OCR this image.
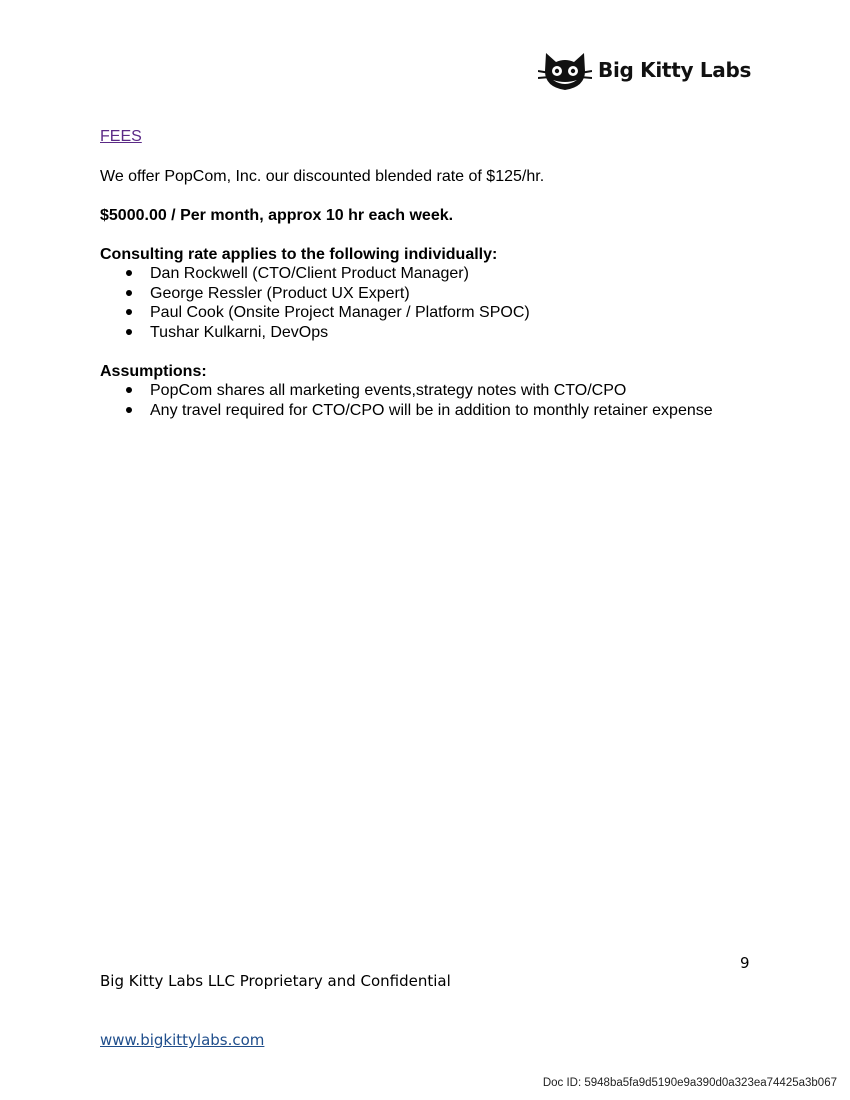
Big Kitty Labs
FEES
We offer PopCom, Inc. our discounted blended rate of $125/hr.
$5000.00 / Per month, approx 10 hr each week.
Consulting rate applies to the following individually:
Dan Rockwell (CTO/Client Product Manager)
George Ressler (Product UX Expert)
Paul Cook (Onsite Project Manager / Platform SPOC)
Tushar Kulkarni, DevOps
Assumptions:
PopCom shares all marketing events,strategy notes with CTO/CPO
Any travel required for CTO/CPO will be in addition to monthly retainer expense
9
Big Kitty Labs LLC Proprietary and Confidential
www.bigkittylabs.com
Doc ID: 5948ba5fa9d5190e9a390d0a323ea74425a3b067
